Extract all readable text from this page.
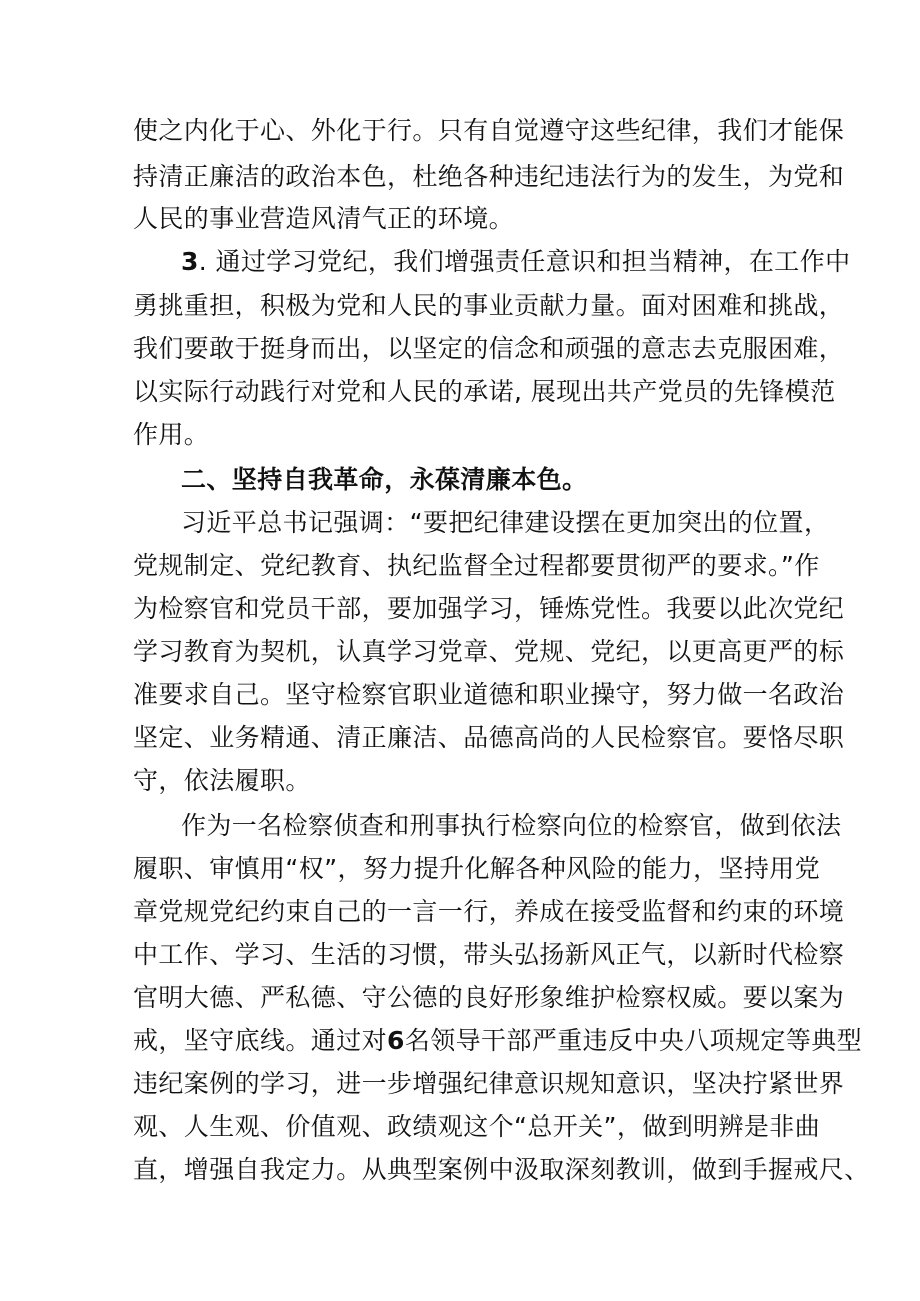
使之内化于心、外化于行。只有自觉遵守这些纪律，我们才能保
持清正廉洁的政治本色，杜绝各种违纪违法行为的发生，为党和
人民的事业营造风清气正的环境。
3. 通过学习党纪，我们增强责任意识和担当精神，在工作中
勇挑重担，积极为党和人民的事业贡献力量。面对困难和挑战，
我们要敢于挺身而出，以坚定的信念和顽强的意志去克服困难，
以实际行动践行对党和人民的承诺, 展现出共产党员的先锋模范
作用。
二、坚持自我革命，永葆清廉本色。
习近平总书记强调：“要把纪律建设摆在更加突出的位置，
党规制定、党纪教育、执纪监督全过程都要贯彻严的要求。”作
为检察官和党员干部，要加强学习，锤炼党性。我要以此次党纪
学习教育为契机，认真学习党章、党规、党纪，以更高更严的标
准要求自己。坚守检察官职业道德和职业操守，努力做一名政治
坚定、业务精通、清正廉洁、品德高尚的人民检察官。要恪尽职
守，依法履职。
作为一名检察侦查和刑事执行检察向位的检察官，做到依法
履职、审慎用“权”，努力提升化解各种风险的能力，坚持用党
章党规党纪约束自己的一言一行，养成在接受监督和约束的环境
中工作、学习、生活的习惯，带头弘扬新风正气，以新时代检察
官明大德、严私德、守公德的良好形象维护检察权威。要以案为
戒，坚守底线。通过对6名领导干部严重违反中央八项规定等典型
违纪案例的学习，进一步增强纪律意识规知意识，坚决拧紧世界
观、人生观、价值观、政绩观这个“总开关”，做到明辨是非曲
直，增强自我定力。从典型案例中汲取深刻教训，做到手握戒尺、
